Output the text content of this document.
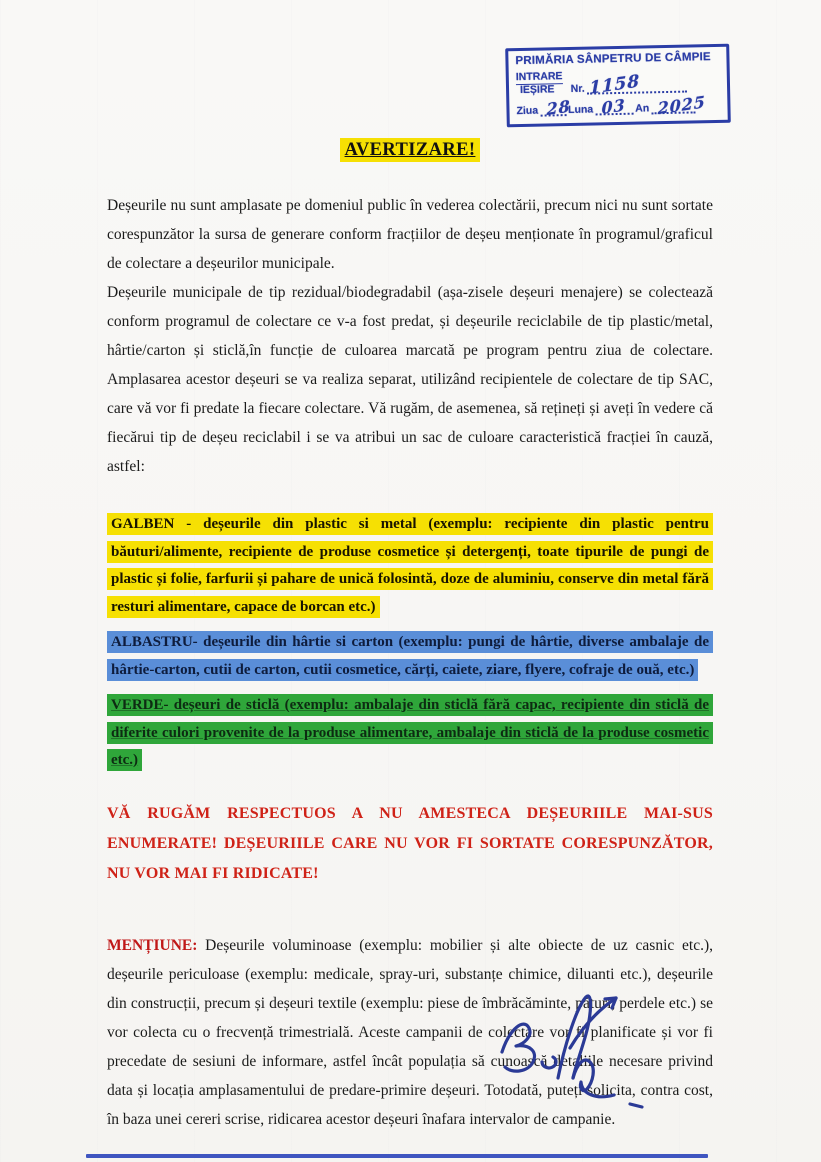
PRIMĂRIA SÂNPETRU DE CÂMPIE
INTRARE
IEȘIRE	Nr. 1158
Ziua 28
Luna 03 An 2025
AVERTIZARE!

Deșeurile nu sunt amplasate pe domeniul public în vederea colectării, precum nici nu sunt sortate corespunzător la sursa de generare conform fracțiilor de deșeu menționate în programul/graficul de colectare a deșeurilor municipale.

Deșeurile municipale de tip rezidual/biodegradabil (așa-zisele deșeuri menajere) se colectează conform programul de colectare ce v-a fost predat, și deșeurile reciclabile de tip plastic/metal, hârtie/carton și sticlă,în funcție de culoarea marcată pe program pentru ziua de colectare. Amplasarea acestor deșeuri se va realiza separat, utilizând recipientele de colectare de tip SAC, care vă vor fi predate la fiecare colectare. Vă rugăm, de asemenea, să rețineți și aveți în vedere că fiecărui tip de deșeu reciclabil i se va atribui un sac de culoare caracteristică fracției în cauză, astfel:

GALBEN - deșeurile din plastic si metal (exemplu: recipiente din plastic pentru băuturi/alimente, recipiente de produse cosmetice și detergenți, toate tipurile de pungi de plastic și folie, farfurii și pahare de unică folosintă, doze de aluminiu, conserve din metal fără resturi alimentare, capace de borcan etc.)

ALBASTRU- deșeurile din hârtie si carton (exemplu: pungi de hârtie, diverse ambalaje de hârtie-carton, cutii de carton, cutii cosmetice, cărți, caiete, ziare, flyere, cofraje de ouă, etc.)

VERDE- deșeuri de sticlă (exemplu: ambalaje din sticlă fără capac, recipiente din sticlă de diferite culori provenite de la produse alimentare, ambalaje din sticlă de la produse cosmetic etc.)

VĂ RUGĂM RESPECTUOS A NU AMESTECA DEȘEURIILE MAI-SUS ENUMERATE! DEȘEURIILE CARE NU VOR FI SORTATE CORESPUNZĂTOR, NU VOR MAI FI RIDICATE!

MENȚIUNE: Deșeurile voluminoase (exemplu: mobilier și alte obiecte de uz casnic etc.), deșeurile periculoase (exemplu: medicale, spray-uri, substanțe chimice, diluanti etc.), deșeurile din construcții, precum și deșeuri textile (exemplu: piese de îmbrăcăminte, pături, perdele etc.) se vor colecta cu o frecvență trimestrială. Aceste campanii de colectare vor fi planificate și vor fi precedate de sesiuni de informare, astfel încât populația să cunoască detaliile necesare privind data și locația amplasamentului de predare-primire deșeuri. Totodată, puteți solicita, contra cost, în baza unei cereri scrise, ridicarea acestor deșeuri înafara intervalor de campanie.
